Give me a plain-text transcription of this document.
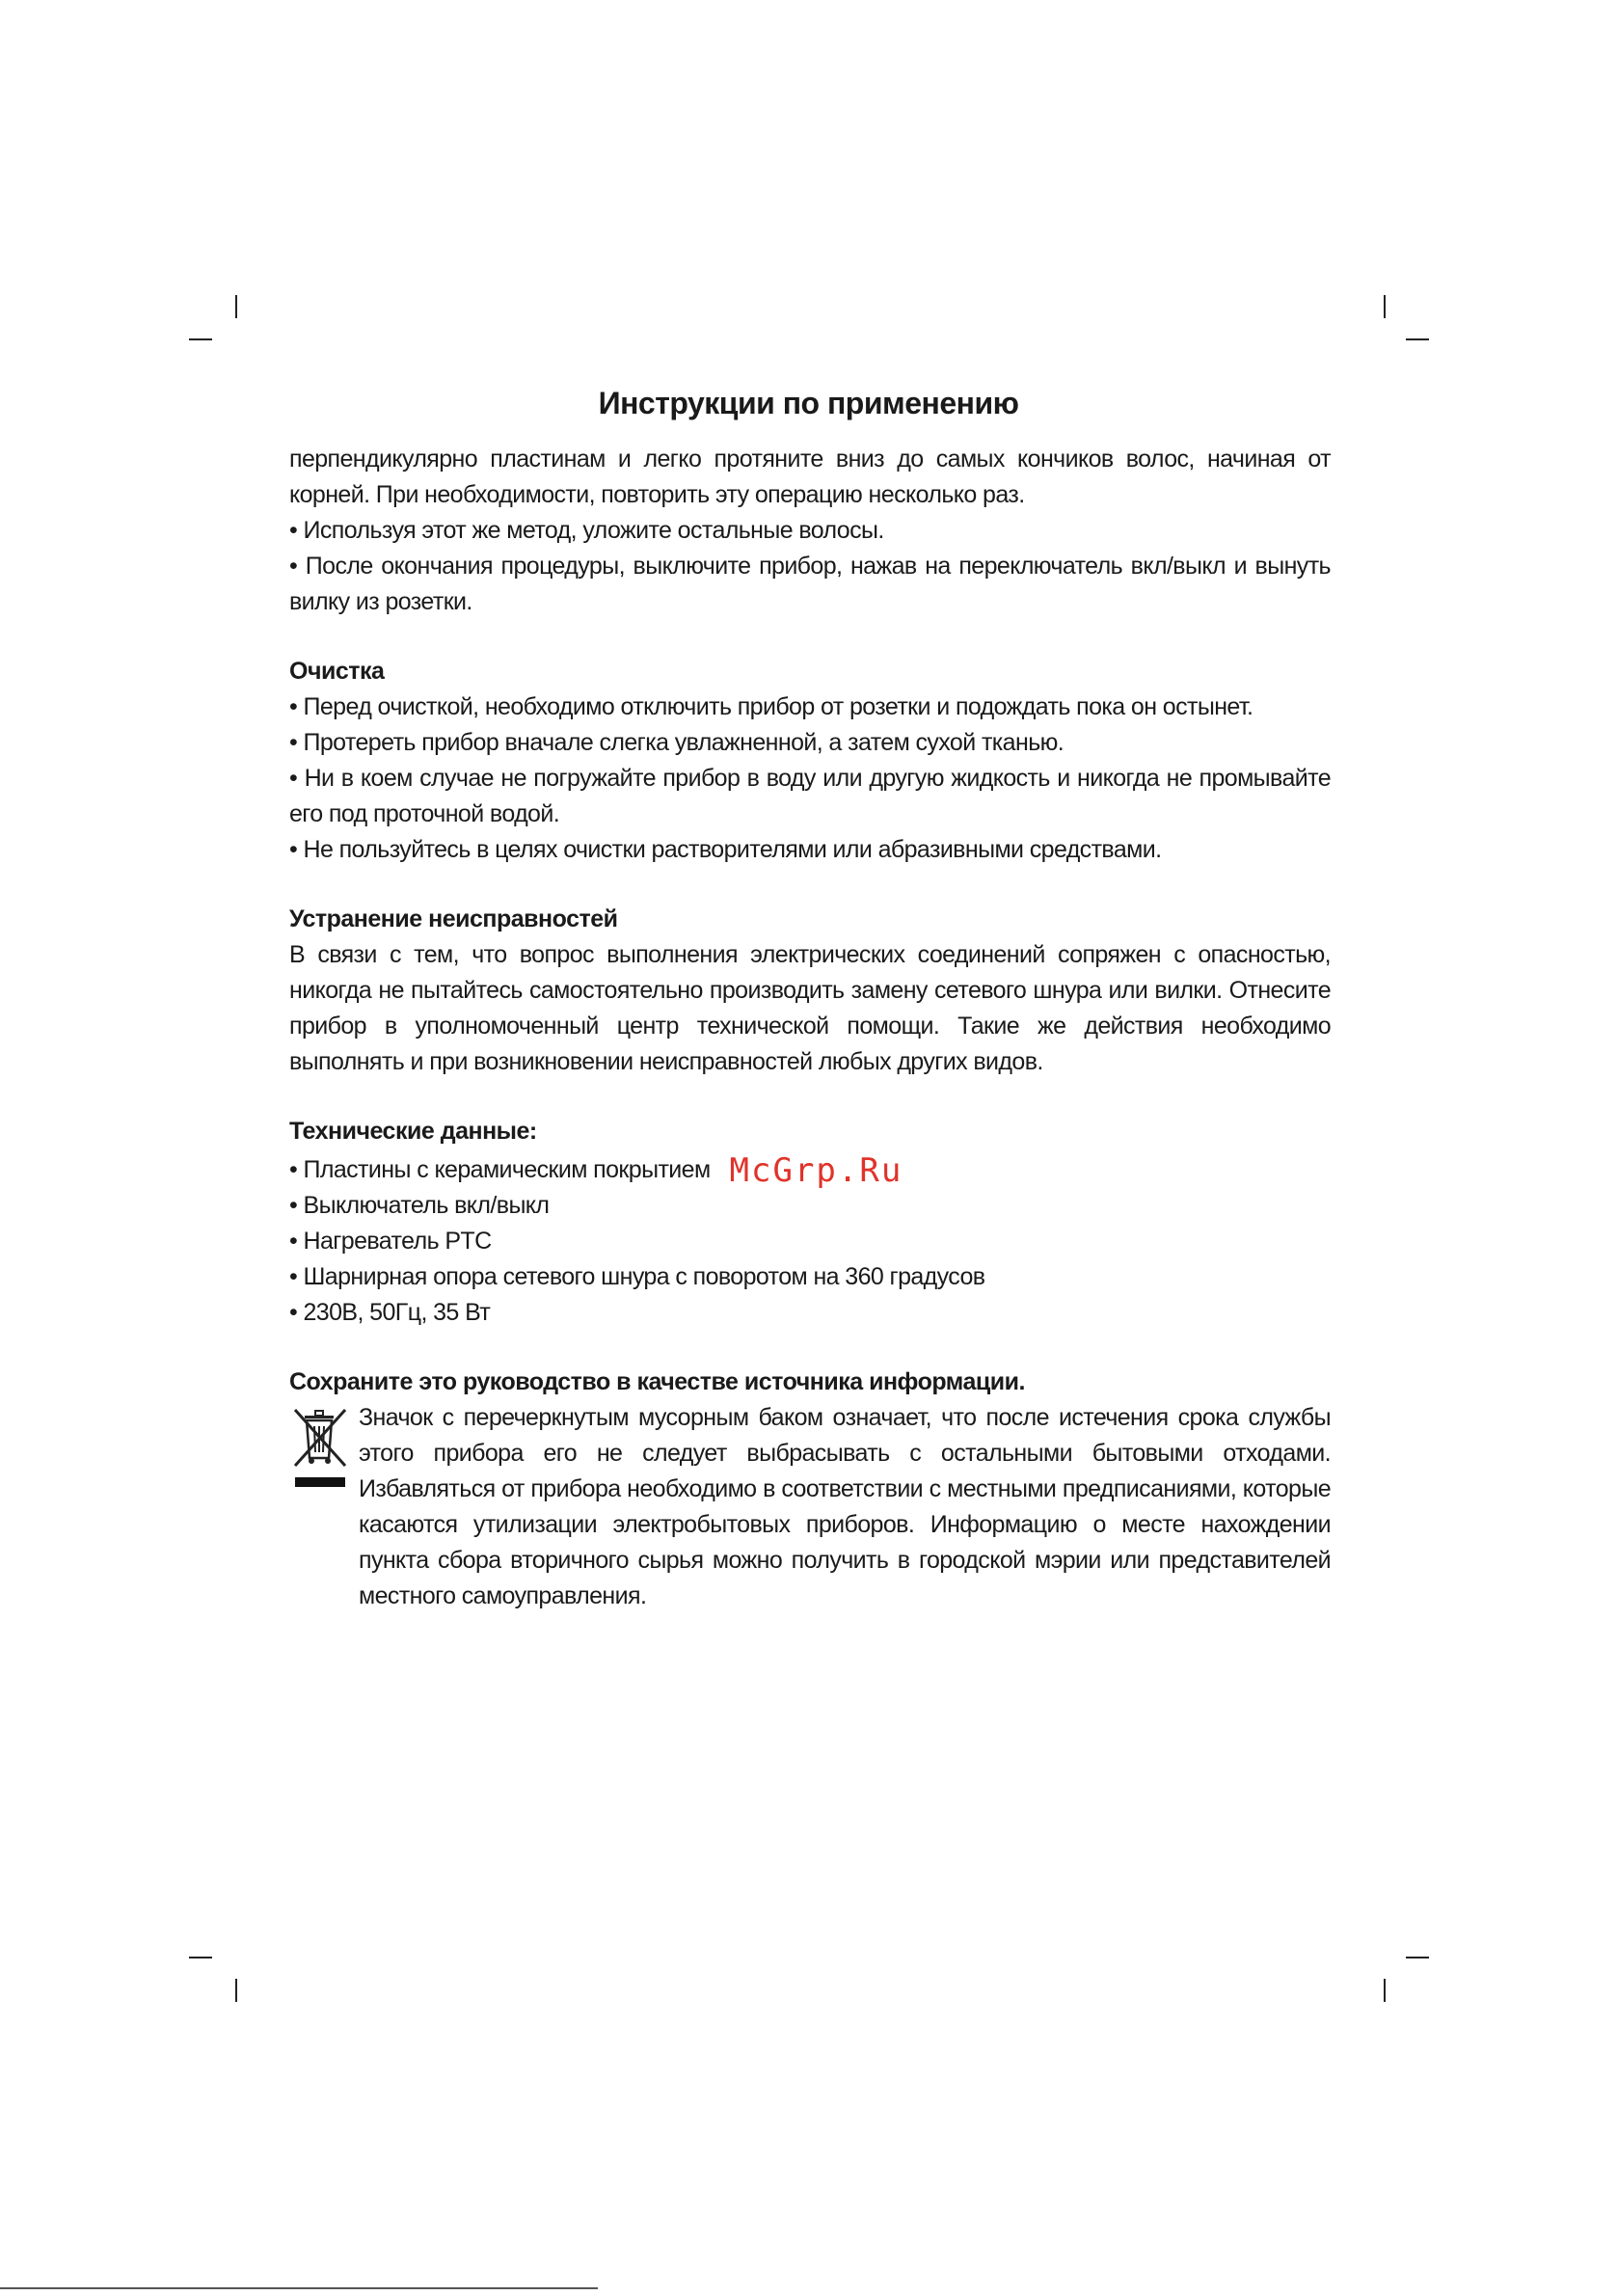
Инструкции по применению

перпендикулярно пластинам и легко протяните вниз до самых кончиков волос, начиная от корней. При необходимости, повторить эту операцию несколько раз.

• Используя этот же метод, уложите остальные волосы.

• После окончания процедуры, выключите прибор, нажав на переключатель вкл/выкл и вынуть вилку из розетки.

Очистка

• Перед очисткой, необходимо отключить прибор от розетки и подождать пока он остынет.

• Протереть прибор вначале слегка увлажненной, а затем сухой тканью.

• Ни в коем случае не погружайте прибор в воду или другую жидкость и никогда не промывайте его под проточной водой.

• Не пользуйтесь в целях очистки растворителями или абразивными средствами.

Устранение неисправностей

В связи с тем, что вопрос выполнения электрических соединений сопряжен с опасностью, никогда не пытайтесь самостоятельно производить замену сетевого шнура или вилки. Отнесите прибор в уполномоченный центр технической помощи. Такие же действия необходимо выполнять и при возникновении неисправностей любых других видов.

Технические данные:

• Пластины с керамическим покрытием McGrp.Ru

• Выключатель вкл/выкл

• Нагреватель PTC

• Шарнирная опора сетевого шнура с поворотом на 360 градусов

• 230В, 50Гц, 35 Вт

Сохраните это руководство в качестве источника информации.

Значок с перечеркнутым мусорным баком означает, что после истечения срока службы этого прибора его не следует выбрасывать с остальными бытовыми отходами. Избавляться от прибора необходимо в соответствии с местными предписаниями, которые касаются утилизации электробытовых приборов. Информацию о месте нахождении пункта сбора вторичного сырья можно получить в городской мэрии или представителей местного самоуправления.
